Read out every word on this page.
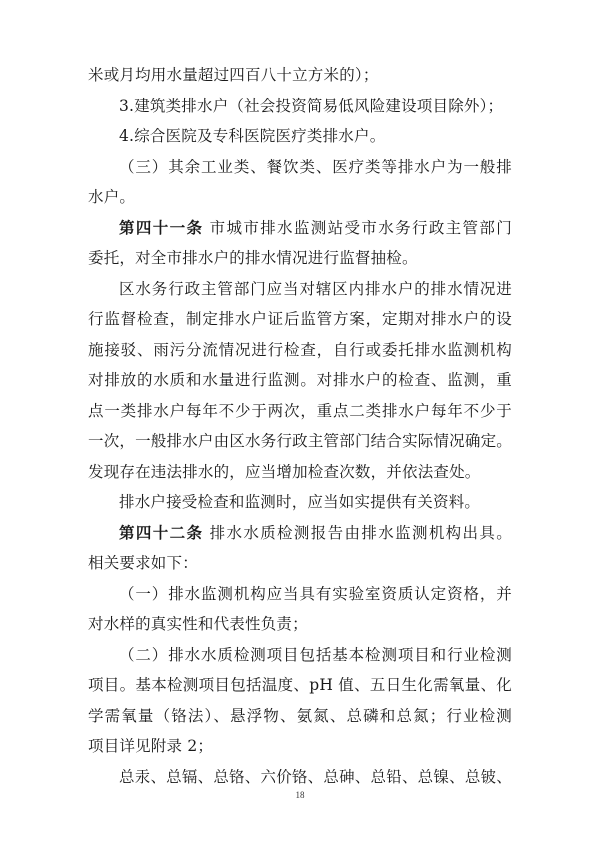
米或月均用水量超过四百八十立方米的）；
3.建筑类排水户（社会投资简易低风险建设项目除外）；
4.综合医院及专科医院医疗类排水户。
（三）其余工业类、餐饮类、医疗类等排水户为一般排
水户。
第四十一条 市城市排水监测站受市水务行政主管部门
委托，对全市排水户的排水情况进行监督抽检。
区水务行政主管部门应当对辖区内排水户的排水情况进
行监督检查，制定排水户证后监管方案，定期对排水户的设
施接驳、雨污分流情况进行检查，自行或委托排水监测机构
对排放的水质和水量进行监测。对排水户的检查、监测，重
点一类排水户每年不少于两次，重点二类排水户每年不少于
一次，一般排水户由区水务行政主管部门结合实际情况确定。
发现存在违法排水的，应当增加检查次数，并依法查处。
排水户接受检查和监测时，应当如实提供有关资料。
第四十二条 排水水质检测报告由排水监测机构出具。
相关要求如下：
（一）排水监测机构应当具有实验室资质认定资格，并
对水样的真实性和代表性负责；
（二）排水水质检测项目包括基本检测项目和行业检测
项目。基本检测项目包括温度、pH 值、五日生化需氧量、化
学需氧量（铬法）、悬浮物、氨氮、总磷和总氮；行业检测
项目详见附录 2；
总汞、总镉、总铬、六价铬、总砷、总铅、总镍、总铍、
18
